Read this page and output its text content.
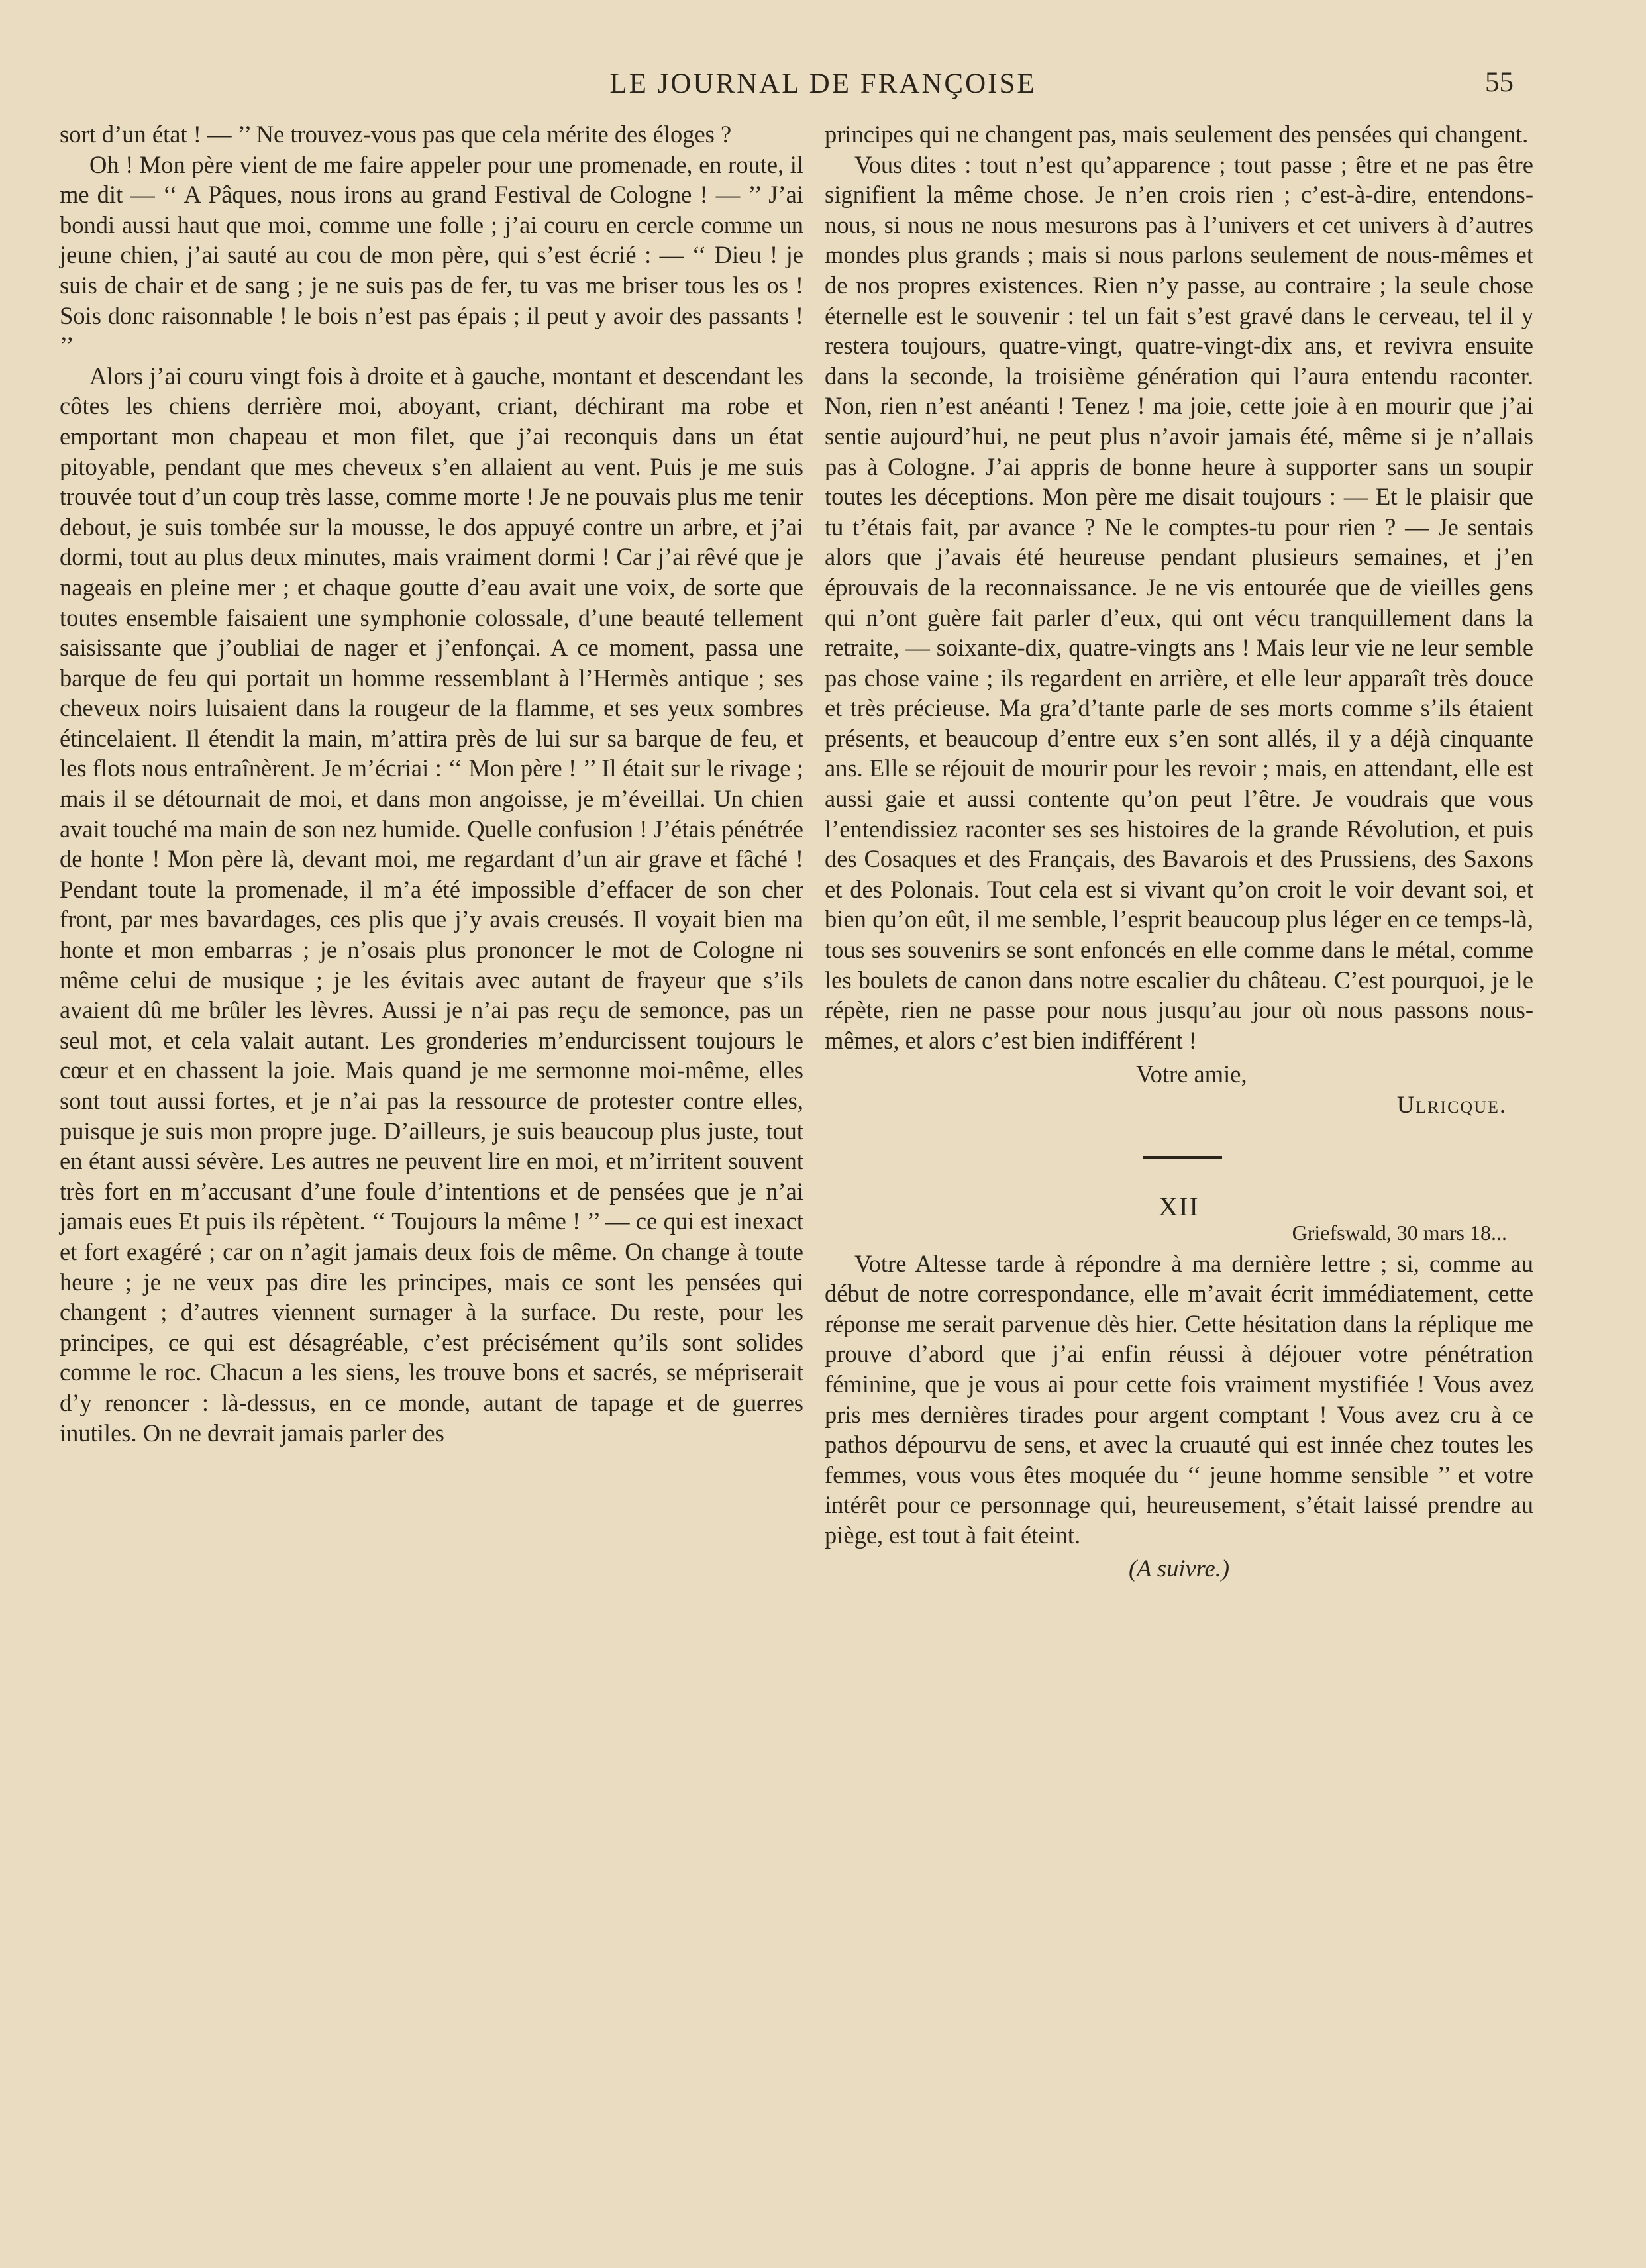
LE JOURNAL DE FRANÇOISE	55

sort d’un état ! — ’’ Ne trouvez-vous pas que cela mérite des éloges ?

Oh ! Mon père vient de me faire appeler pour une promenade, en route, il me dit — ‘‘ A Pâques, nous irons au grand Festival de Cologne ! — ’’ J’ai bondi aussi haut que moi, comme une folle ; j’ai couru en cercle comme un jeune chien, j’ai sauté au cou de mon père, qui s’est écrié : — ‘‘ Dieu ! je suis de chair et de sang ; je ne suis pas de fer, tu vas me briser tous les os ! Sois donc raisonnable ! le bois n’est pas épais ; il peut y avoir des passants ! ’’

Alors j’ai couru vingt fois à droite et à gauche, montant et descendant les côtes les chiens derrière moi, aboyant, criant, déchirant ma robe et emportant mon chapeau et mon filet, que j’ai reconquis dans un état pitoyable, pendant que mes cheveux s’en allaient au vent. Puis je me suis trouvée tout d’un coup très lasse, comme morte ! Je ne pouvais plus me tenir debout, je suis tombée sur la mousse, le dos appuyé contre un arbre, et j’ai dormi, tout au plus deux minutes, mais vraiment dormi ! Car j’ai rêvé que je nageais en pleine mer ; et chaque goutte d’eau avait une voix, de sorte que toutes ensemble faisaient une symphonie colossale, d’une beauté tellement saisissante que j’oubliai de nager et j’enfonçai. A ce moment, passa une barque de feu qui portait un homme ressemblant à l’Hermès antique ; ses cheveux noirs luisaient dans la rougeur de la flamme, et ses yeux sombres étincelaient. Il étendit la main, m’attira près de lui sur sa barque de feu, et les flots nous entraînèrent. Je m’écriai : ‘‘ Mon père ! ’’ Il était sur le rivage ; mais il se détournait de moi, et dans mon angoisse, je m’éveillai. Un chien avait touché ma main de son nez humide. Quelle confusion ! J’étais pénétrée de honte ! Mon père là, devant moi, me regardant d’un air grave et fâché ! Pendant toute la promenade, il m’a été impossible d’effacer de son cher front, par mes bavardages, ces plis que j’y avais creusés. Il voyait bien ma honte et mon embarras ; je n’osais plus prononcer le mot de Cologne ni même celui de musique ; je les évitais avec autant de frayeur que s’ils avaient dû me brûler les lèvres. Aussi je n’ai pas reçu de semonce, pas un seul mot, et cela valait autant. Les gronderies m’endurcissent toujours le cœur et en chassent la joie. Mais quand je me sermonne moi-même, elles sont tout aussi fortes, et je n’ai pas la ressource de protester contre elles, puisque je suis mon propre juge. D’ailleurs, je suis beaucoup plus juste, tout en étant aussi sévère. Les autres ne peuvent lire en moi, et m’irritent souvent très fort en m’accusant d’une foule d’intentions et de pensées que je n’ai jamais eues Et puis ils répètent. ‘‘ Toujours la même ! ’’ — ce qui est inexact et fort exagéré ; car on n’agit jamais deux fois de même. On change à toute heure ; je ne veux pas dire les principes, mais ce sont les pensées qui changent ; d’autres viennent surnager à la surface. Du reste, pour les principes, ce qui est désagréable, c’est précisément qu’ils sont solides comme le roc. Chacun a les siens, les trouve bons et sacrés, se mépriserait d’y renoncer : là-dessus, en ce monde, autant de tapage et de guerres inutiles. On ne devrait jamais parler des

principes qui ne changent pas, mais seulement des pensées qui changent.

Vous dites : tout n’est qu’apparence ; tout passe ; être et ne pas être signifient la même chose. Je n’en crois rien ; c’est-à-dire, entendons-nous, si nous ne nous mesurons pas à l’univers et cet univers à d’autres mondes plus grands ; mais si nous parlons seulement de nous-mêmes et de nos propres existences. Rien n’y passe, au contraire ; la seule chose éternelle est le souvenir : tel un fait s’est gravé dans le cerveau, tel il y restera toujours, quatre-vingt, quatre-vingt-dix ans, et revivra ensuite dans la seconde, la troisième génération qui l’aura entendu raconter. Non, rien n’est anéanti ! Tenez ! ma joie, cette joie à en mourir que j’ai sentie aujourd’hui, ne peut plus n’avoir jamais été, même si je n’allais pas à Cologne. J’ai appris de bonne heure à supporter sans un soupir toutes les déceptions. Mon père me disait toujours : — Et le plaisir que tu t’étais fait, par avance ? Ne le comptes-tu pour rien ? — Je sentais alors que j’avais été heureuse pendant plusieurs semaines, et j’en éprouvais de la reconnaissance. Je ne vis entourée que de vieilles gens qui n’ont guère fait parler d’eux, qui ont vécu tranquillement dans la retraite, — soixante-dix, quatre-vingts ans ! Mais leur vie ne leur semble pas chose vaine ; ils regardent en arrière, et elle leur apparaît très douce et très précieuse. Ma gra’d’tante parle de ses morts comme s’ils étaient présents, et beaucoup d’entre eux s’en sont allés, il y a déjà cinquante ans. Elle se réjouit de mourir pour les revoir ; mais, en attendant, elle est aussi gaie et aussi contente qu’on peut l’être. Je voudrais que vous l’entendissiez raconter ses ses histoires de la grande Révolution, et puis des Cosaques et des Français, des Bavarois et des Prussiens, des Saxons et des Polonais. Tout cela est si vivant qu’on croit le voir devant soi, et bien qu’on eût, il me semble, l’esprit beaucoup plus léger en ce temps-là, tous ses souvenirs se sont enfoncés en elle comme dans le métal, comme les boulets de canon dans notre escalier du château. C’est pourquoi, je le répète, rien ne passe pour nous jusqu’au jour où nous passons nous-mêmes, et alors c’est bien indifférent !

Votre amie,
Ulricque.
XII
Griefswald, 30 mars 18...

Votre Altesse tarde à répondre à ma dernière lettre ; si, comme au début de notre correspondance, elle m’avait écrit immédiatement, cette réponse me serait parvenue dès hier. Cette hésitation dans la réplique me prouve d’abord que j’ai enfin réussi à déjouer votre pénétration féminine, que je vous ai pour cette fois vraiment mystifiée ! Vous avez pris mes dernières tirades pour argent comptant ! Vous avez cru à ce pathos dépourvu de sens, et avec la cruauté qui est innée chez toutes les femmes, vous vous êtes moquée du ‘‘ jeune homme sensible ’’ et votre intérêt pour ce personnage qui, heureusement, s’était laissé prendre au piège, est tout à fait éteint.

(A suivre.)
